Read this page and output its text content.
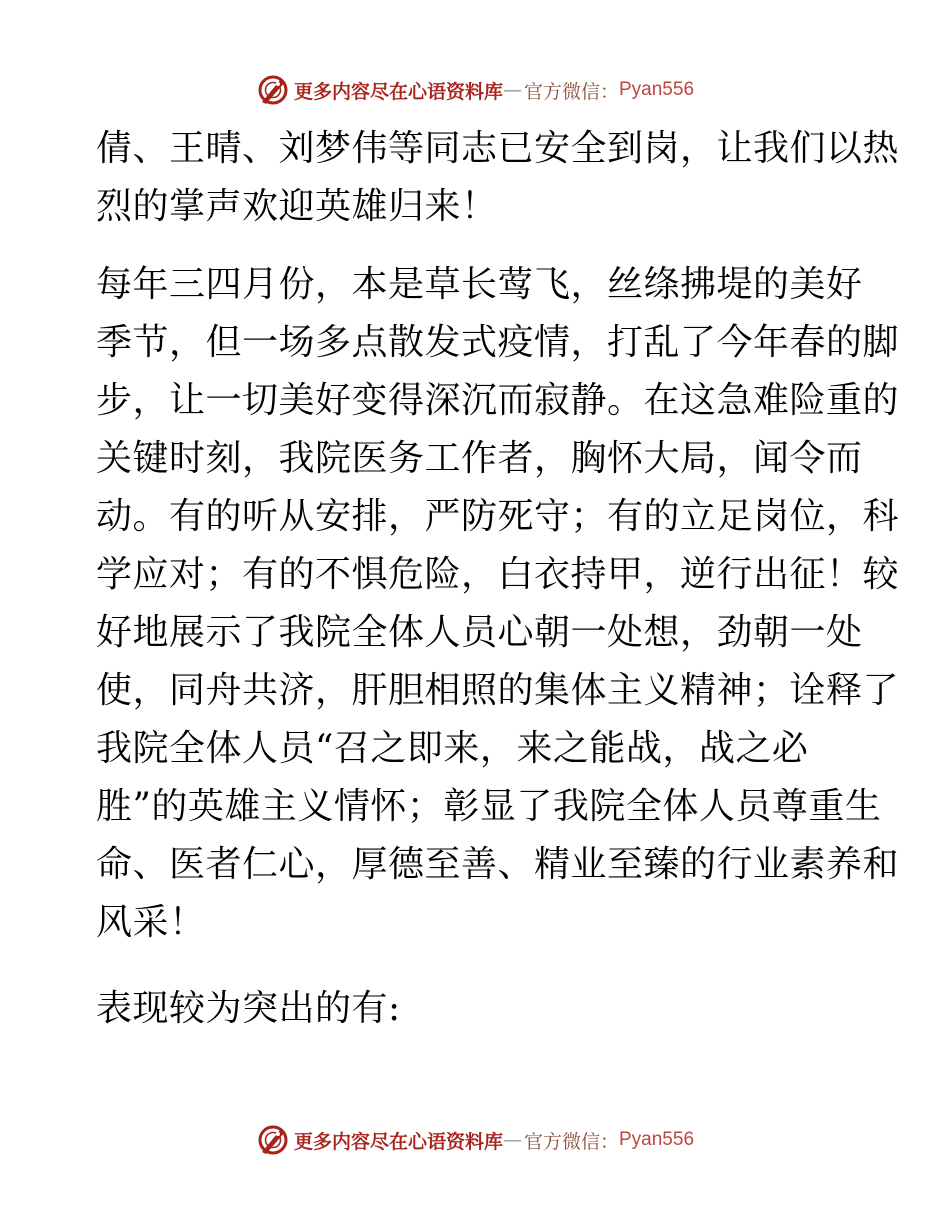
更多内容尽在心语资料库 — 官方微信： Pyan556
倩、王晴、刘梦伟等同志已安全到岗，让我们以热
烈的掌声欢迎英雄归来！
每年三四月份，本是草长莺飞，丝绦拂堤的美好
季节，但一场多点散发式疫情，打乱了今年春的脚
步，让一切美好变得深沉而寂静。在这急难险重的
关键时刻，我院医务工作者，胸怀大局，闻令而
动。有的听从安排，严防死守；有的立足岗位，科
学应对；有的不惧危险，白衣持甲，逆行出征！较
好地展示了我院全体人员心朝一处想，劲朝一处
使，同舟共济，肝胆相照的集体主义精神；诠释了
我院全体人员“召之即来，来之能战，战之必
胜”的英雄主义情怀；彰显了我院全体人员尊重生
命、医者仁心，厚德至善、精业至臻的行业素养和
风采！
表现较为突出的有:
更多内容尽在心语资料库 — 官方微信： Pyan556
